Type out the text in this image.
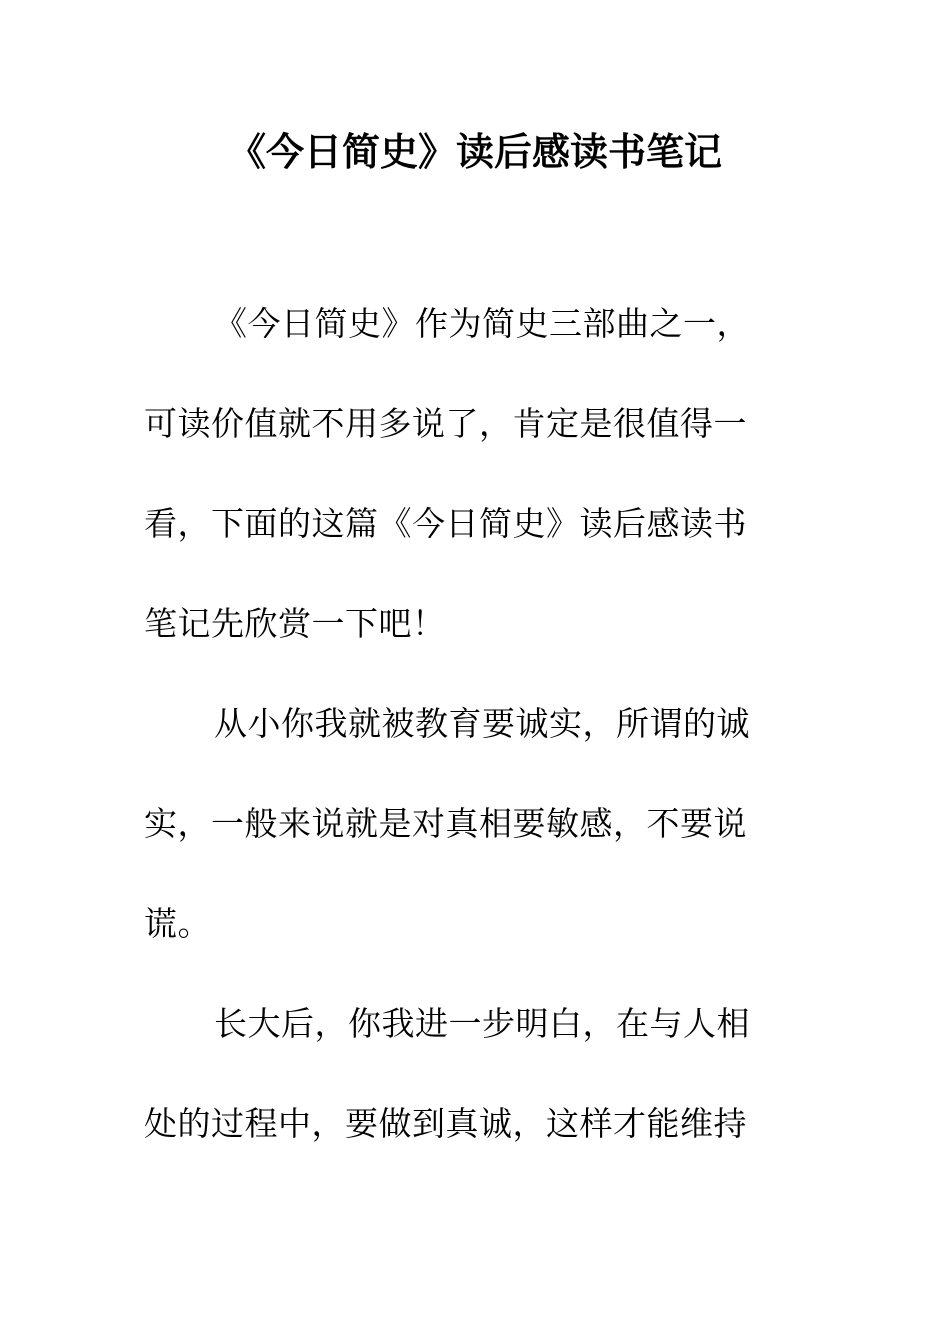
《今日简史》读后感读书笔记
《今日简史》作为简史三部曲之一，
可读价值就不用多说了，肯定是很值得一
看，下面的这篇《今日简史》读后感读书
笔记先欣赏一下吧！
从小你我就被教育要诚实，所谓的诚
实，一般来说就是对真相要敏感，不要说
谎。
长大后，你我进一步明白，在与人相
处的过程中，要做到真诚，这样才能维持
